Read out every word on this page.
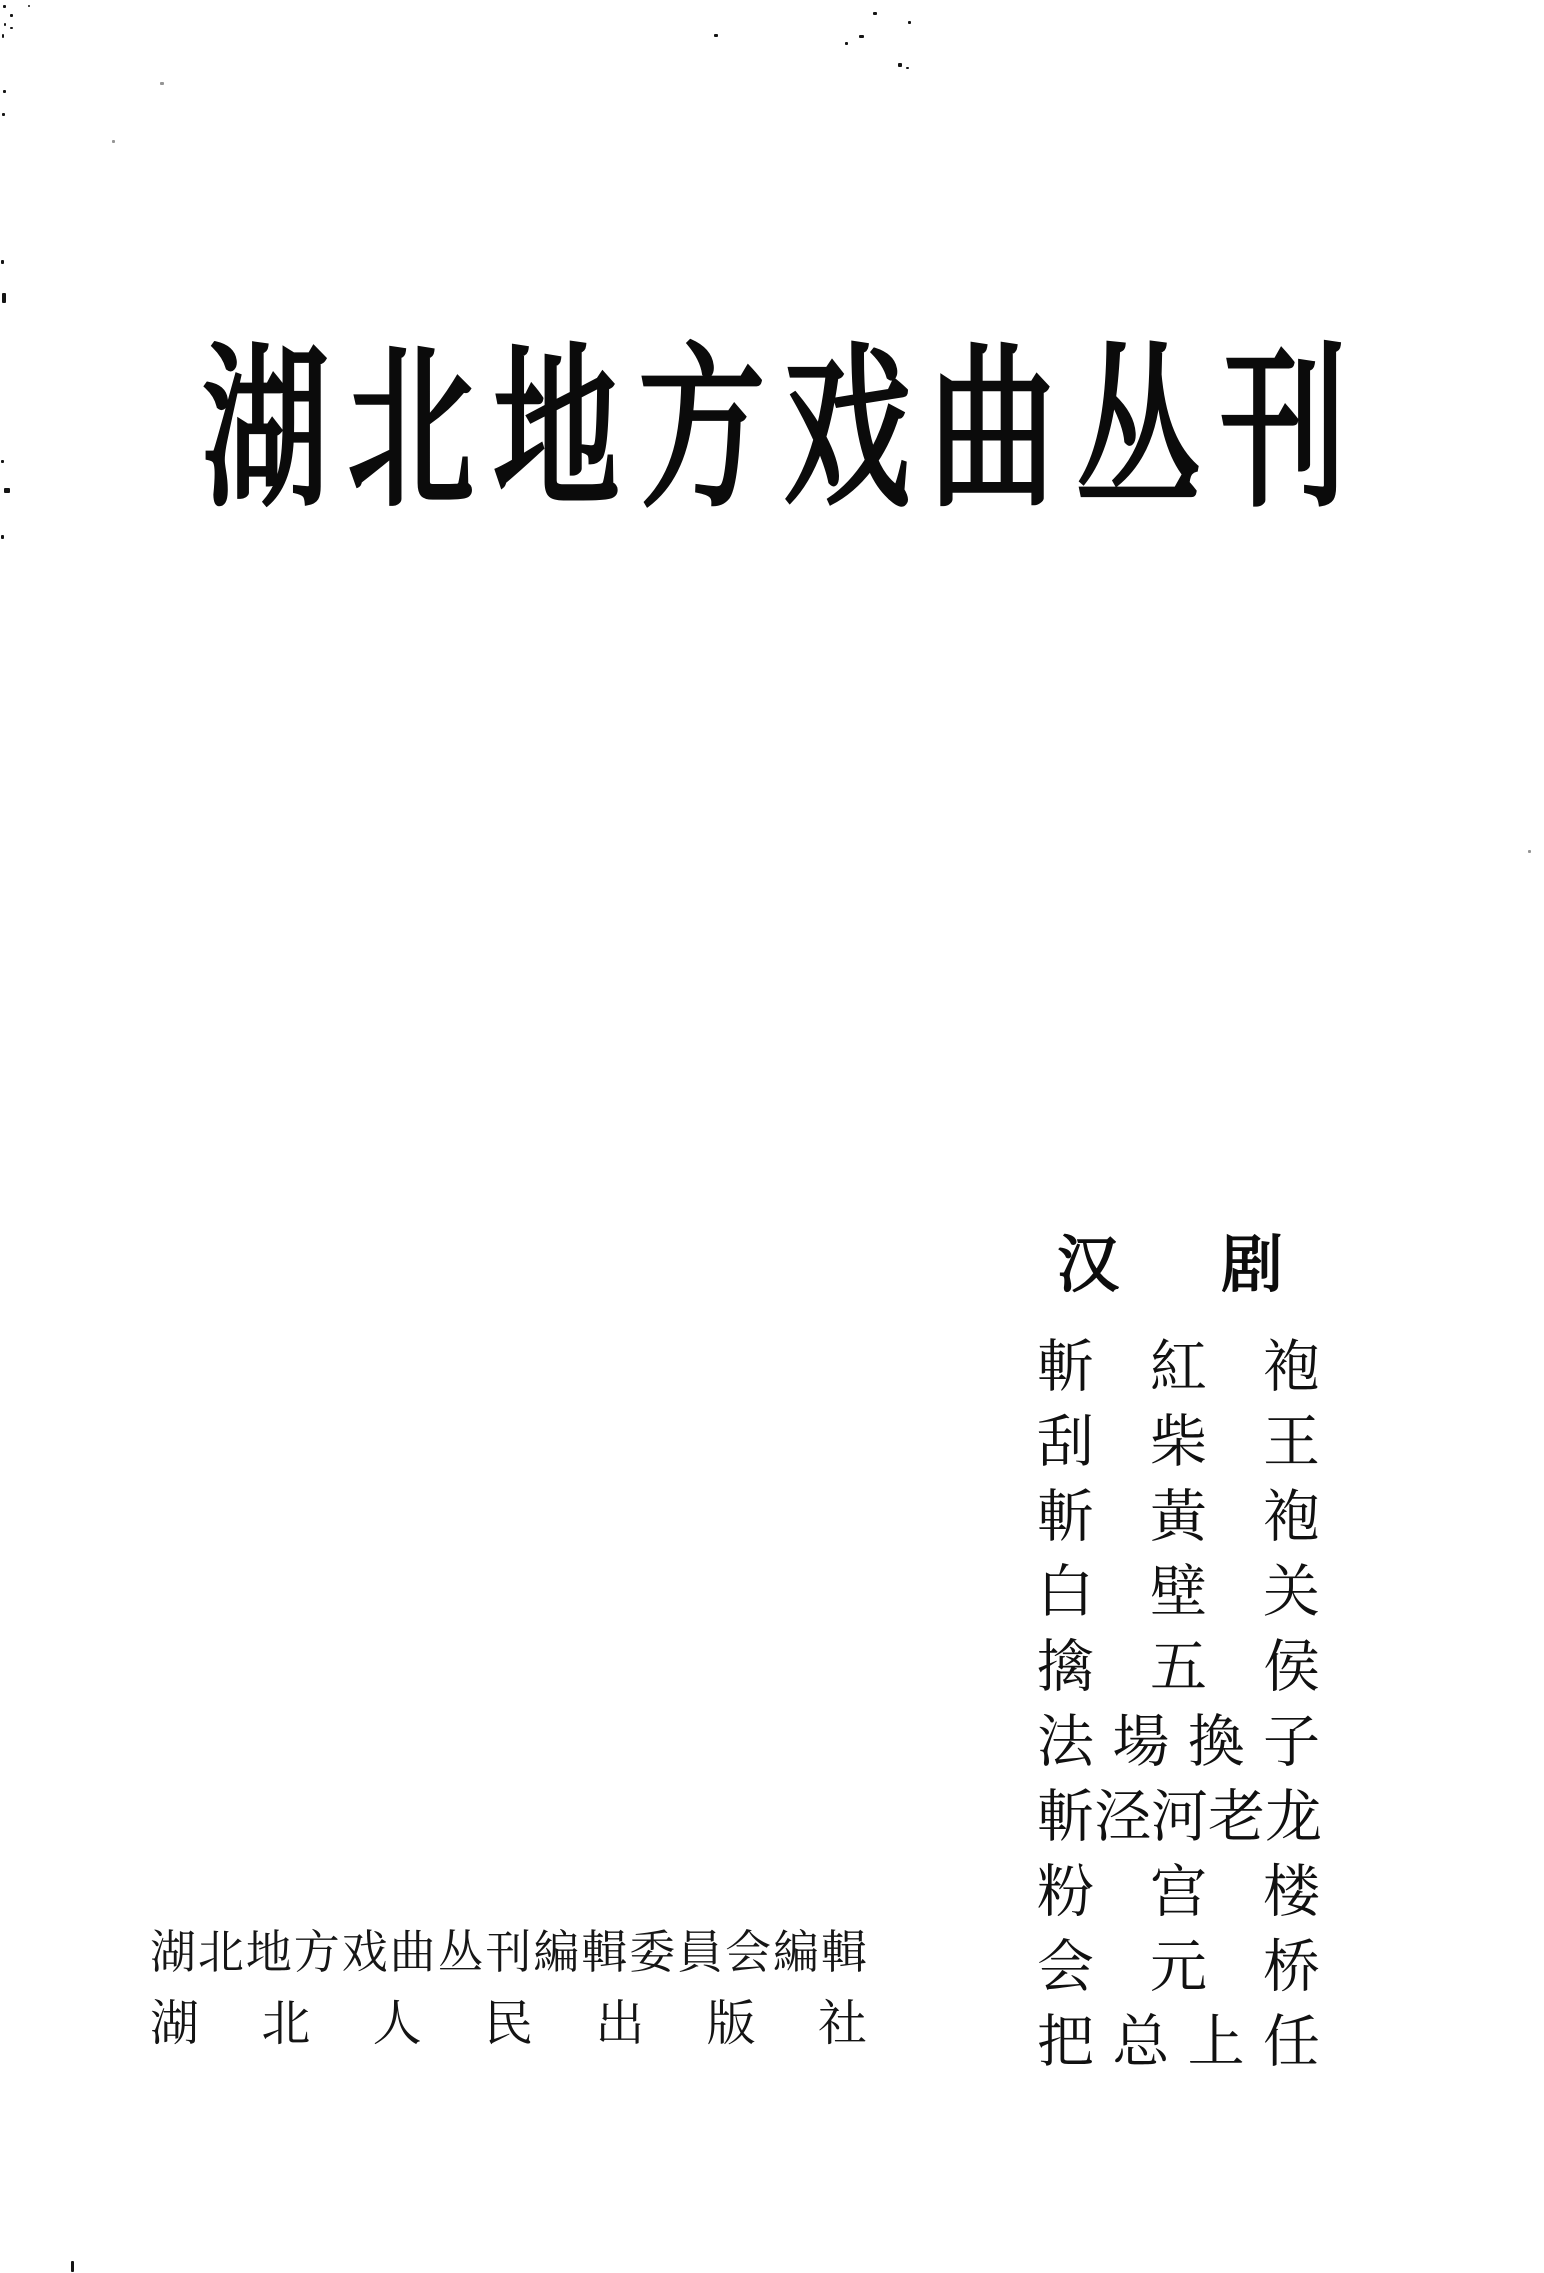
湖 北 地 方 戏 曲 丛 刊
汉 剧
斬 紅 袍
刮 柴 王
斬 黃 袍
白 壁 关
擒 五 侯
法 場 換 子
斬 泾 河 老 龙
粉 宫 楼
会 元 桥
把 总 上 任
湖 北 地 方 戏 曲 丛 刊 編 輯 委 員 会 編 輯
湖 北 人 民 出 版 社
